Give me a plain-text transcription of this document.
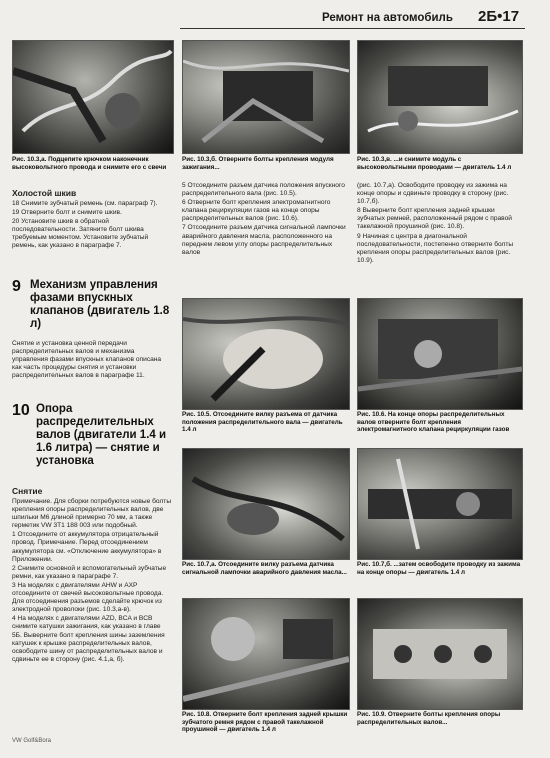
Ремонт на автомобиль 2Б•17
Рис. 10.3,а. Подцепите крючком наконечник высоковольтного провода и снимите его с свечи
Рис. 10.3,б. Отверните болты крепления модуля зажигания...
Рис. 10.3,в. ...и снимите модуль с высоковольтными проводами — двигатель 1.4 л
Холостой шкив

18 Снимите зубчатый ремень (см. параграф 7).

19 Отверните болт и снимите шкив.

20 Установите шкив в обратной последовательности. Затяните болт шкива требуемым моментом. Установите зубчатый ремень, как указано в параграфе 7.

9 Механизм управления фазами впускных клапанов (двигатель 1.8 л)
Снятие и установка ценной передачи распределительных валов и механизма управления фазами впускных клапанов описана как часть процедуры снятия и установки распределительных валов в параграфе 11.
10 Опора распределительных валов (двигатели 1.4 и 1.6 литра) — снятие и установка
Снятие

Примечание. Для сборки потребуются новые болты крепления опоры распределительных валов, две шпильки М6 длиной примерно 70 мм, а также герметик VW 3Т1 188 003 или подобный.

1 Отсоедините от аккумулятора отрицательный провод. Примечание. Перед отсоединением аккумулятора см. «Отключение аккумулятора» в Приложении.

2 Снимите основной и вспомогательный зубчатые ремни, как указано в параграфе 7.

3 На моделях с двигателями AHW и AXP отсоедините от свечей высоковольтные провода. Для отсоединения разъемов сделайте крючок из электродной проволоки (рис. 10.3,а-в).

4 На моделях с двигателями AZD, BCA и BCB снимите катушки зажигания, как указано в главе 5Б. Выверните болт крепления шины заземления катушек к крышке распределительных валов, освободите шину от распределительных валов и сдвиньте ее в сторону (рис. 4.1,а, б).

5 Отсоедините разъем датчика положения впускного распределительного вала (рис. 10.5).

6 Отверните болт крепления электромагнитного клапана рециркуляции газов на конце опоры распределительных валов (рис. 10.6).

7 Отсоедините разъем датчика сигнальной лампочки аварийного давления масла, расположенного на переднем левом углу опоры распределительных валов

(рис. 10.7,а). Освободите проводку из зажима на конце опоры и сдвиньте проводку в сторону (рис. 10.7,б).

8 Выверните болт крепления задней крышки зубчатых ремней, расположенный рядом с правой такелажной проушиной (рис. 10.8).

9 Начиная с центра в диагональной последовательности, постепенно отверните болты крепления опоры распределительных валов (рис. 10.9).

Рис. 10.5. Отсоедините вилку разъема от датчика положения распределительного вала — двигатель 1.4 л
Рис. 10.6. На конце опоры распределительных валов отверните болт крепления электромагнитного клапана рециркуляции газов
Рис. 10.7,а. Отсоедините вилку разъема датчика сигнальной лампочки аварийного давления масла...
Рис. 10.7,б. ...затем освободите проводку из зажима на конце опоры — двигатель 1.4 л
Рис. 10.8. Отверните болт крепления задней крышки зубчатого ремня рядом с правой такелажной проушиной — двигатель 1.4 л
Рис. 10.9. Отверните болты крепления опоры распределительных валов...
VW Golf&Bora
